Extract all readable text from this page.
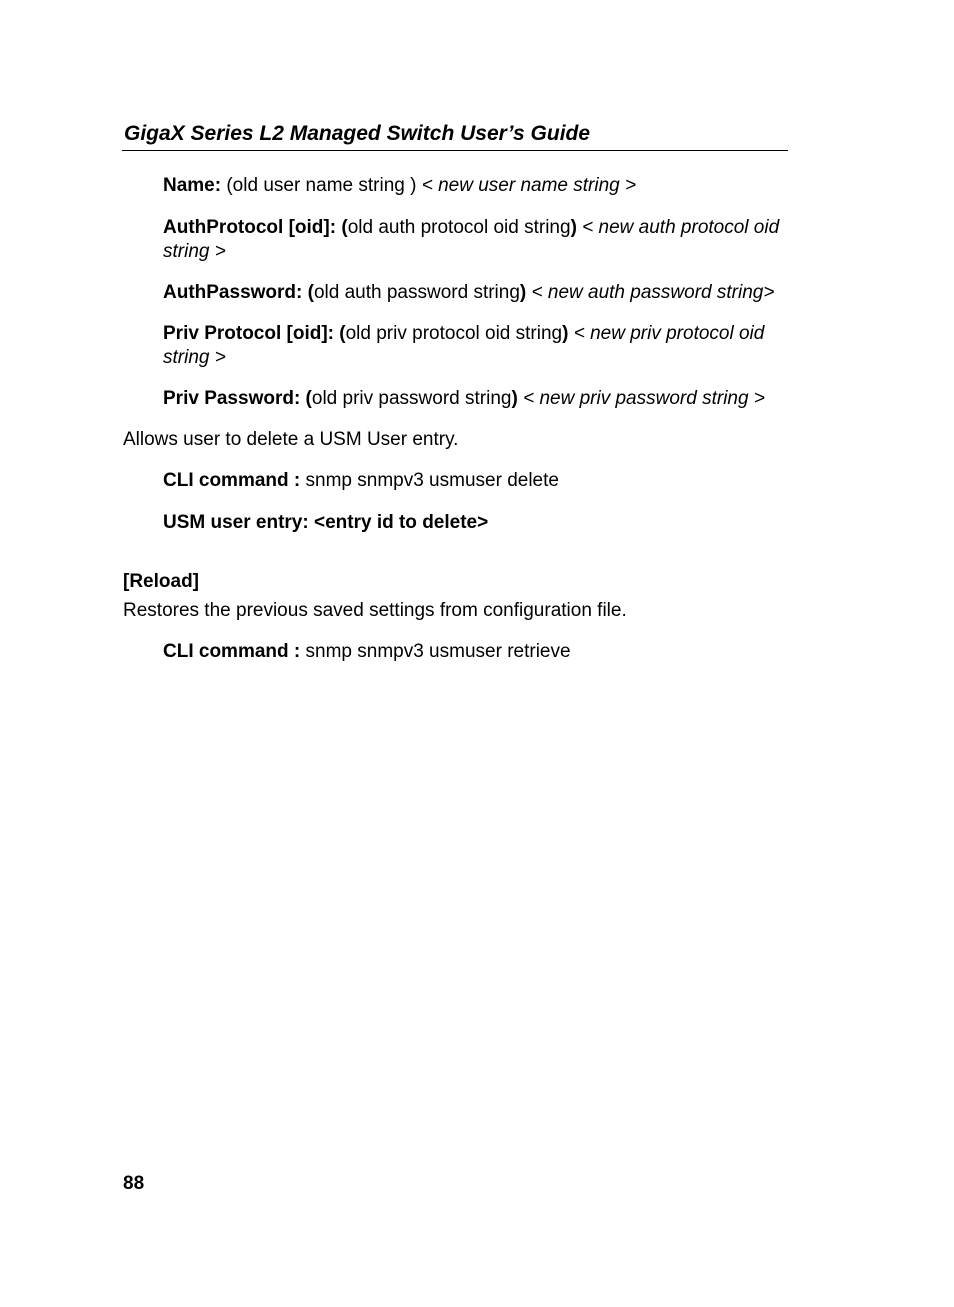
GigaX Series L2 Managed Switch User’s Guide
Name: (old user name string ) < new user name string >
AuthProtocol [oid]: (old auth protocol oid string) < new auth protocol oid
string >
AuthPassword: (old auth password string) < new auth password string>
Priv Protocol [oid]: (old priv protocol oid string) < new priv protocol oid
string >
Priv Password: (old priv password string) < new priv password string >
Allows user to delete a USM User entry.
CLI command : snmp snmpv3 usmuser delete
USM user entry: <entry id to delete>
[Reload]
Restores the previous saved settings from configuration file.
CLI command : snmp snmpv3 usmuser retrieve
88
